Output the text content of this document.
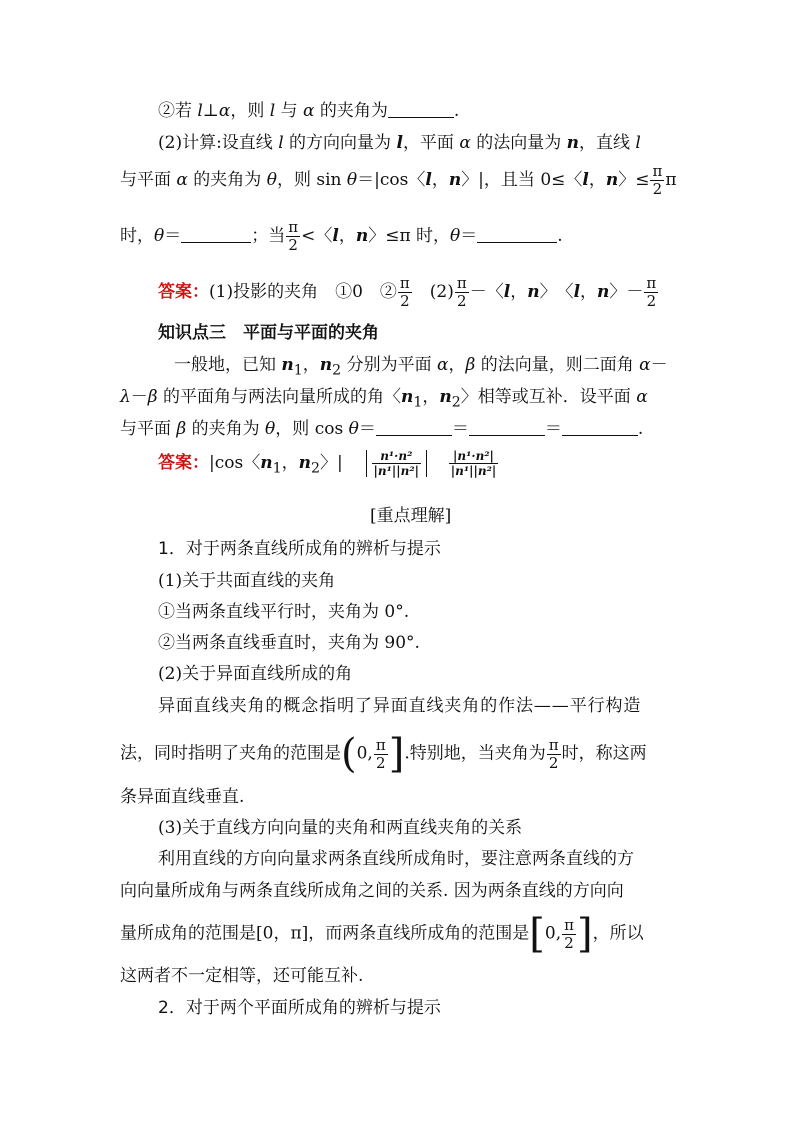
②若 l⊥α，则 l 与 α 的夹角为	.
(2)计算:设直线 l 的方向向量为 l，平面 α 的法向量为 n，直线 l
与平面 α 的夹角为 θ，则 sin θ＝|cos〈l，n〉|，且当 0≤〈l，n〉≤ $\frac{\pi}{2}$ π
时，θ＝	；当 $\frac{\pi}{2}$ <〈l，n〉≤π 时，θ＝	.
答案：(1)投影的夹角　①0　② $\frac{\pi}{2}$ 　$(2) \frac{\pi}{2}$ －〈l，n〉　〈l，n〉－ $\frac{\pi}{2}$
知识点三　平面与平面的夹角
一般地，已知 $n_1$，$n_2$ 分别为平面 α，β 的法向量，则二面角 α－
λ－β 的平面角与两法向量所成的角〈$n_1$，$n_2$〉相等或互补．设平面 α
与平面 β 的夹角为 θ，则 cos θ＝	＝	＝	.
答案：|cos〈$n_1$，$n_2$〉| $\frac{\text{n¹·n²}}{\text{|n¹||n²|}}$
$\frac{\text{|n¹·n²|}}{\text{|n¹||n²|}}$
[重点理解]
1．对于两条直线所成角的辨析与提示
(1)关于共面直线的夹角
①当两条直线平行时，夹角为 0°.
②当两条直线垂直时，夹角为 90°.
(2)关于异面直线所成的角
异面直线夹角的概念指明了异面直线夹角的作法——平行构造
法，同时指明了夹角的范围是(0, $\frac{\pi}{2}$ ].特别地，当夹角为 $\frac{\pi}{2}$ 时，称这两
条异面直线垂直.
(3)关于直线方向向量的夹角和两直线夹角的关系
利用直线的方向向量求两条直线所成角时，要注意两条直线的方
向向量所成角与两条直线所成角之间的关系. 因为两条直线的方向向
量所成角的范围是[0，π]，而两条直线所成角的范围是[0, $\frac{\pi}{2}$ ]，所以
这两者不一定相等，还可能互补.
2．对于两个平面所成角的辨析与提示
